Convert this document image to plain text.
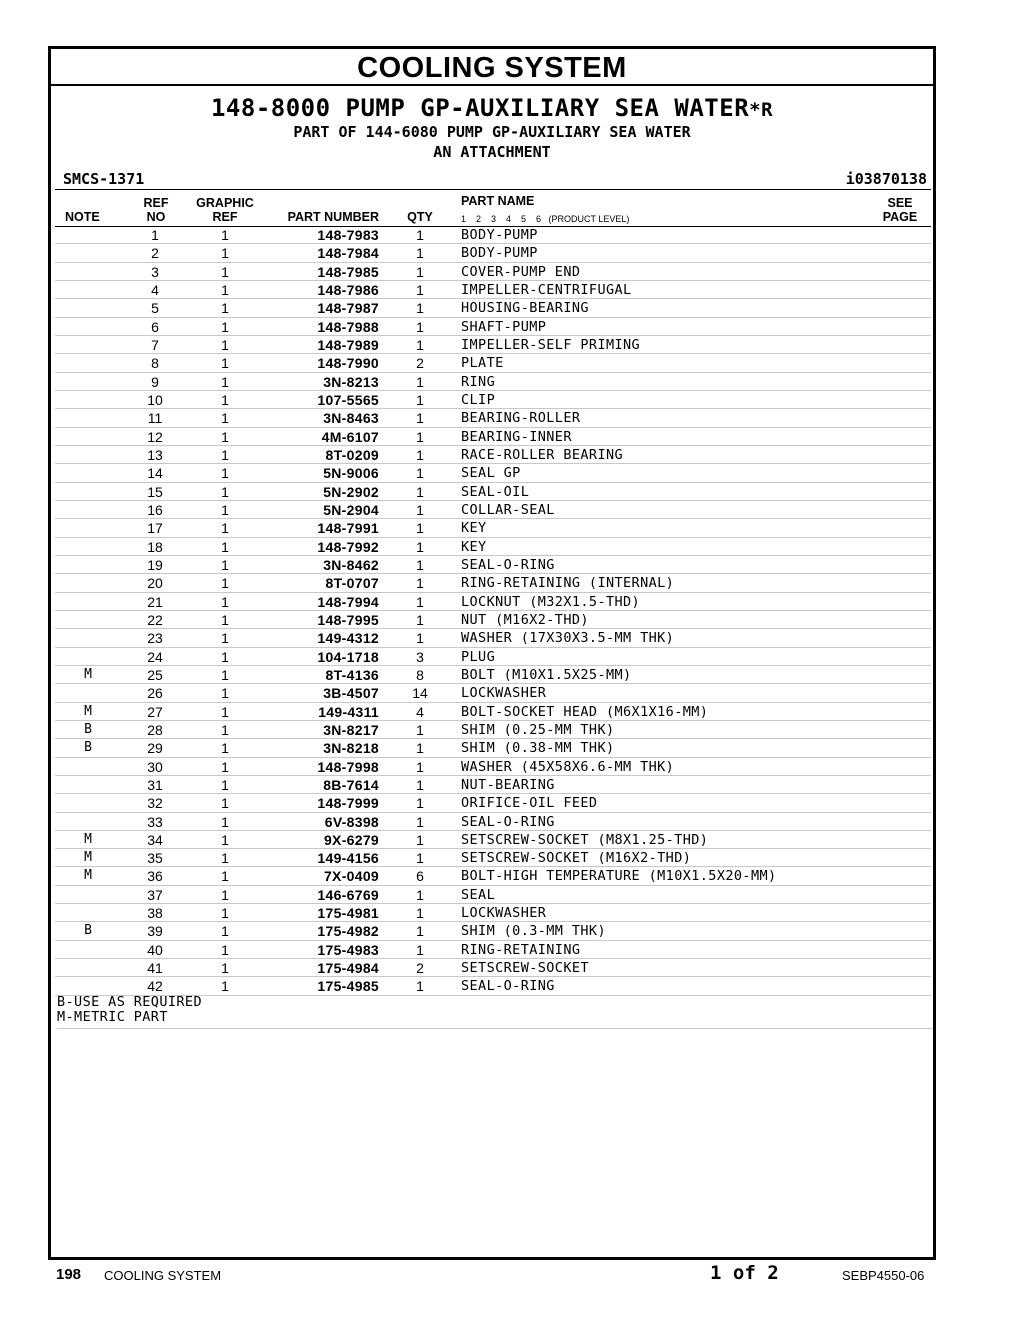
COOLING SYSTEM
148-8000 PUMP GP-AUXILIARY SEA WATER*R
PART OF 144-6080 PUMP GP-AUXILIARY SEA WATER
AN ATTACHMENT
SMCS-1371	i03870138
NOTE
REF
NO
GRAPHIC
REF	PART NUMBER	QTY
PART NAME
1    2    3    4    5    6   (PRODUCT LEVEL)
SEE
PAGE
1	1	148-7983	1	BODY-PUMP
2	1	148-7984	1	BODY-PUMP
3	1	148-7985	1	COVER-PUMP END
4	1	148-7986	1	IMPELLER-CENTRIFUGAL
5	1	148-7987	1	HOUSING-BEARING
6	1	148-7988	1	SHAFT-PUMP
7	1	148-7989	1	IMPELLER-SELF PRIMING
8	1	148-7990	2	PLATE
9	1	3N-8213	1	RING
10	1	107-5565	1	CLIP
11	1	3N-8463	1	BEARING-ROLLER
12	1	4M-6107	1	BEARING-INNER
13	1	8T-0209	1	RACE-ROLLER BEARING
14	1	5N-9006	1	SEAL GP
15	1	5N-2902	1	SEAL-OIL
16	1	5N-2904	1	COLLAR-SEAL
17	1	148-7991	1	KEY
18	1	148-7992	1	KEY
19	1	3N-8462	1	SEAL-O-RING
20	1	8T-0707	1	RING-RETAINING (INTERNAL)
21	1	148-7994	1	LOCKNUT (M32X1.5-THD)
22	1	148-7995	1	NUT (M16X2-THD)
23	1	149-4312	1	WASHER (17X30X3.5-MM THK)
24	1	104-1718	3	PLUG
M	25	1	8T-4136	8	BOLT (M10X1.5X25-MM)
26	1	3B-4507	14	LOCKWASHER
M	27	1	149-4311	4	BOLT-SOCKET HEAD (M6X1X16-MM)
B	28	1	3N-8217	1	SHIM (0.25-MM THK)
B	29	1	3N-8218	1	SHIM (0.38-MM THK)
30	1	148-7998	1	WASHER (45X58X6.6-MM THK)
31	1	8B-7614	1	NUT-BEARING
32	1	148-7999	1	ORIFICE-OIL FEED
33	1	6V-8398	1	SEAL-O-RING
M	34	1	9X-6279	1	SETSCREW-SOCKET (M8X1.25-THD)
M	35	1	149-4156	1	SETSCREW-SOCKET (M16X2-THD)
M	36	1	7X-0409	6	BOLT-HIGH TEMPERATURE (M10X1.5X20-MM)
37	1	146-6769	1	SEAL
38	1	175-4981	1	LOCKWASHER
B	39	1	175-4982	1	SHIM (0.3-MM THK)
40	1	175-4983	1	RING-RETAINING
41	1	175-4984	2	SETSCREW-SOCKET
42	1	175-4985	1	SEAL-O-RING
B-USE AS REQUIRED
M-METRIC PART
198 COOLING SYSTEM	1 of 2	SEBP4550-06
